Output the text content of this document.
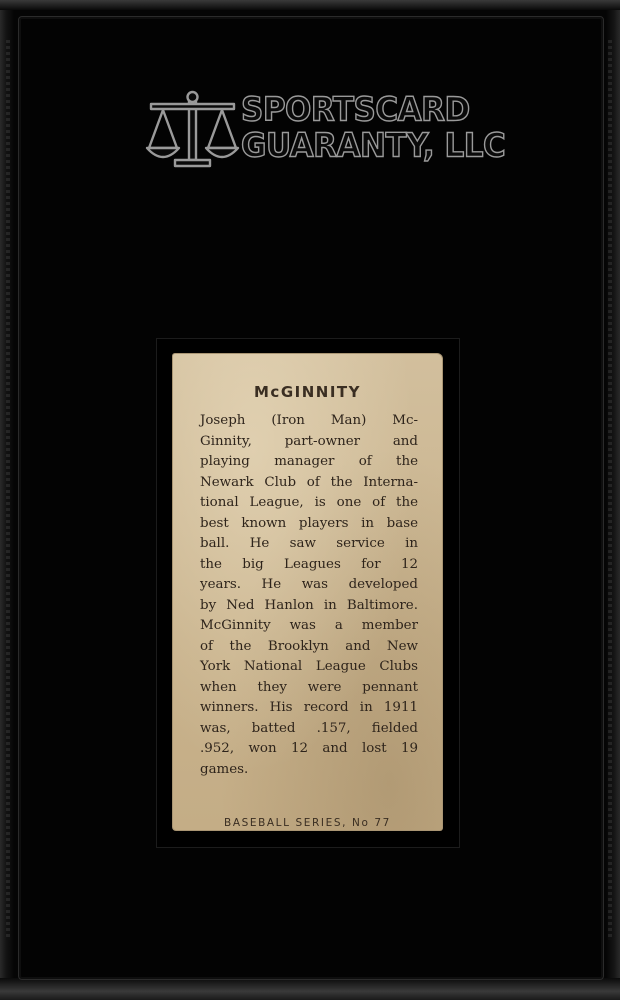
SPORTSCARD
GUARANTY, LLC
McGINNITY
Joseph (Iron Man) Mc-
Ginnity, part-owner and
playing manager of the
Newark Club of the Interna-
tional League, is one of the
best known players in base
ball. He saw service in
the big Leagues for 12
years. He was developed
by Ned Hanlon in Baltimore.
McGinnity was a member
of the Brooklyn and New
York National League Clubs
when they were pennant
winners. His record in 1911
was, batted .157, fielded
.952, won 12 and lost 19
games.
BASEBALL SERIES, No 77
